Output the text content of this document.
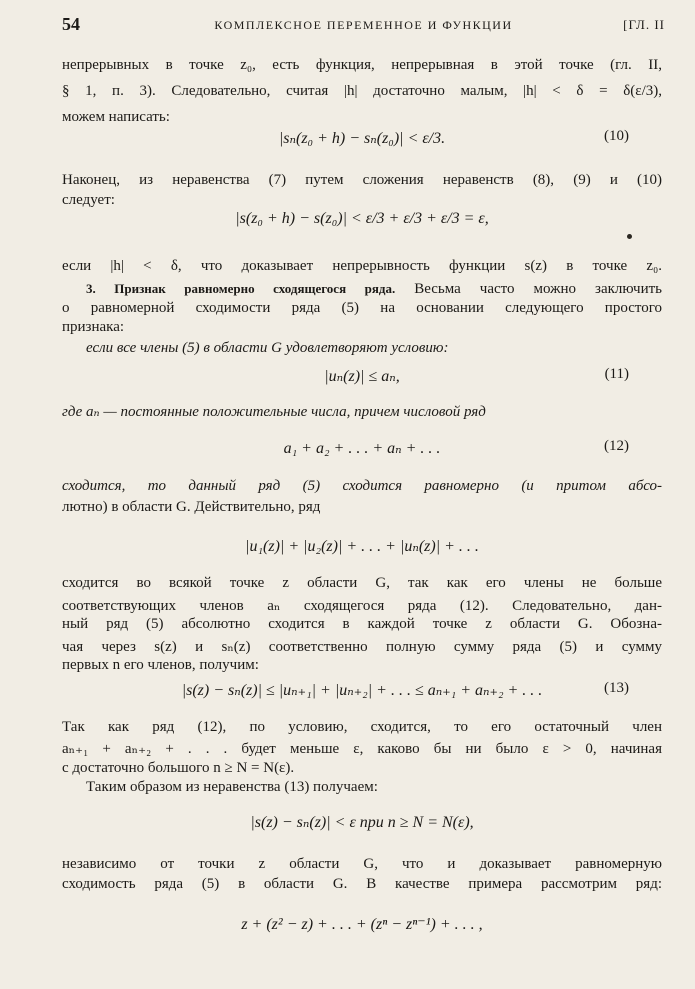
54	КОМПЛЕКСНОЕ ПЕРЕМЕННОЕ И ФУНКЦИИ	[ГЛ. II
непрерывных в точке z₀, есть функция, непрерывная в этой точке (гл. II,
§ 1, п. 3). Следовательно, считая |h| достаточно малым, |h| < δ = δ(ε/3),
можем написать:
|sₙ(z₀ + h) − sₙ(z₀)| < ε/3.	(10)
Наконец, из неравенства (7) путем сложения неравенств (8), (9) и (10)
следует:
|s(z₀ + h) − s(z₀)| < ε/3 + ε/3 + ε/3 = ε,
если |h| < δ, что доказывает непрерывность функции s(z) в точке z₀.
3. Признак равномерно сходящегося ряда. Весьма часто можно заключить
о равномерной сходимости ряда (5) на основании следующего простого
признака:
если все члены (5) в области G удовлетворяют условию:
|uₙ(z)| ≤ aₙ,	(11)
где aₙ — постоянные положительные числа, причем числовой ряд
a₁ + a₂ + . . . + aₙ + . . .	(12)
сходится, то данный ряд (5) сходится равномерно (и притом абсо-
лютно) в области G. Действительно, ряд
|u₁(z)| + |u₂(z)| + . . . + |uₙ(z)| + . . .
сходится во всякой точке z области G, так как его члены не больше
соответствующих членов aₙ сходящегося ряда (12). Следовательно, дан-
ный ряд (5) абсолютно сходится в каждой точке z области G. Обозна-
чая через s(z) и sₙ(z) соответственно полную сумму ряда (5) и сумму
первых n его членов, получим:
|s(z) − sₙ(z)| ≤ |uₙ₊₁| + |uₙ₊₂| + . . . ≤ aₙ₊₁ + aₙ₊₂ + . . .	(13)
Так как ряд (12), по условию, сходится, то его остаточный член
aₙ₊₁ + aₙ₊₂ + . . . будет меньше ε, каково бы ни было ε > 0, начиная
с достаточно большого n ≥ N = N(ε).
Таким образом из неравенства (13) получаем:
|s(z) − sₙ(z)| < ε при n ≥ N = N(ε),
независимо от точки z области G, что и доказывает равномерную
сходимость ряда (5) в области G. В качестве примера рассмотрим ряд:
z + (z² − z) + . . . + (zⁿ − zⁿ⁻¹) + . . . ,
